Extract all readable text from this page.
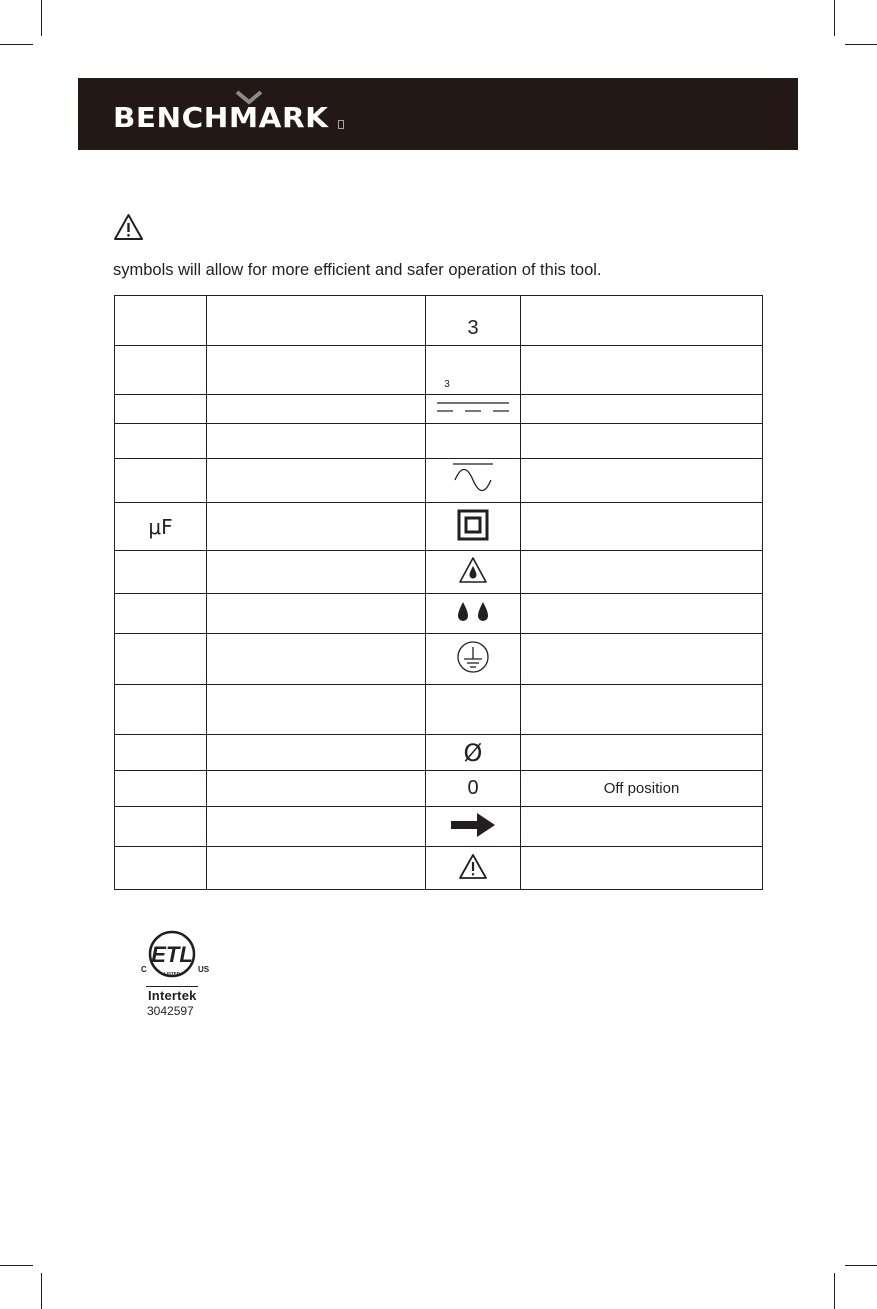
BENCHMARK
symbols will allow for more efficient and safer operation of this tool.
		3	
		$_3$	

μF			

		Ø	
		0	Off position

ETL
C	US
LISTED
Intertek
3042597
